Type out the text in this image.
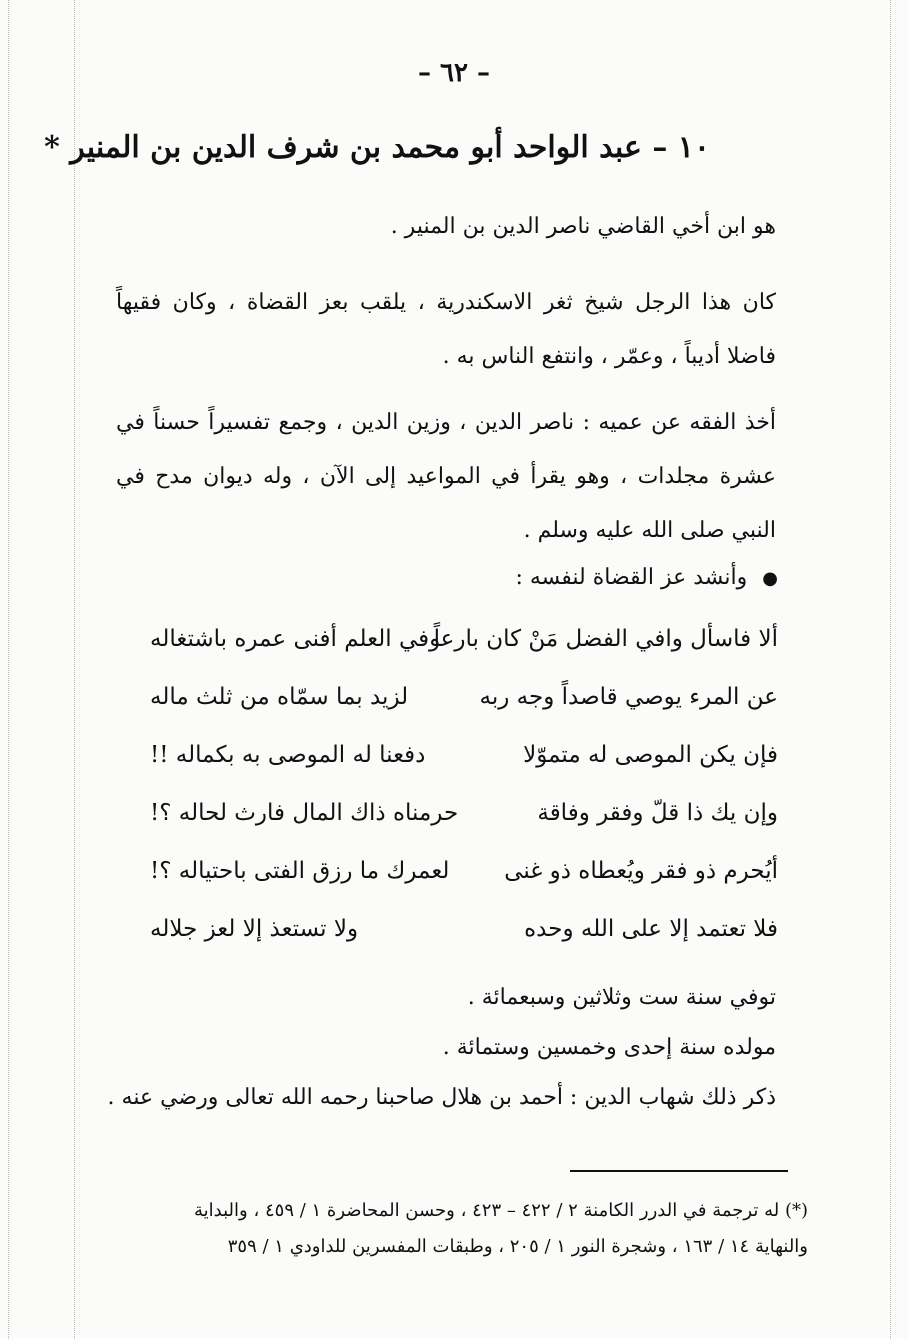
– ٦٢ –
١٠ – عبد الواحد أبو محمد بن شرف الدين بن المنير *
هو ابن أخي القاضي ناصر الدين بن المنير .
كان هذا الرجل شيخ ثغر الاسكندرية ، يلقب بعز القضاة ، وكان فقيهاً فاضلا أديباً ، وعمّر ، وانتفع الناس به .
أخذ الفقه عن عميه : ناصر الدين ، وزين الدين ، وجمع تفسيراً حسناً في عشرة مجلدات ، وهو يقرأ في المواعيد إلى الآن ، وله ديوان مدح في النبي صلى الله عليه وسلم .
● وأنشد عز القضاة لنفسه :
ألا فاسأل وافي الفضل مَنْ كان بارعاً
وفي العلم أفنى عمره باشتغاله
عن المرء يوصي قاصداً وجه ربه
لزيد بما سمّاه من ثلث ماله
فإن يكن الموصى له متموّلا
دفعنا له الموصى به بكماله !!
وإن يك ذا قلّ وفقر وفاقة
حرمناه ذاك المال فارث لحاله ؟!
أيُحرم ذو فقر ويُعطاه ذو غنى
لعمرك ما رزق الفتى باحتياله ؟!
فلا تعتمد إلا على الله وحده
ولا تستعذ إلا لعز جلاله
توفي سنة ست وثلاثين وسبعمائة .
مولده سنة إحدى وخمسين وستمائة .
ذكر ذلك شهاب الدين : أحمد بن هلال صاحبنا رحمه الله تعالى ورضي عنه .
(*) له ترجمة في الدرر الكامنة ٢ / ٤٢٢ – ٤٢٣ ، وحسن المحاضرة ١ / ٤٥٩ ، والبداية
والنهاية ١٤ / ١٦٣ ، وشجرة النور ١ / ٢٠٥ ، وطبقات المفسرين للداودي ١ / ٣٥٩
